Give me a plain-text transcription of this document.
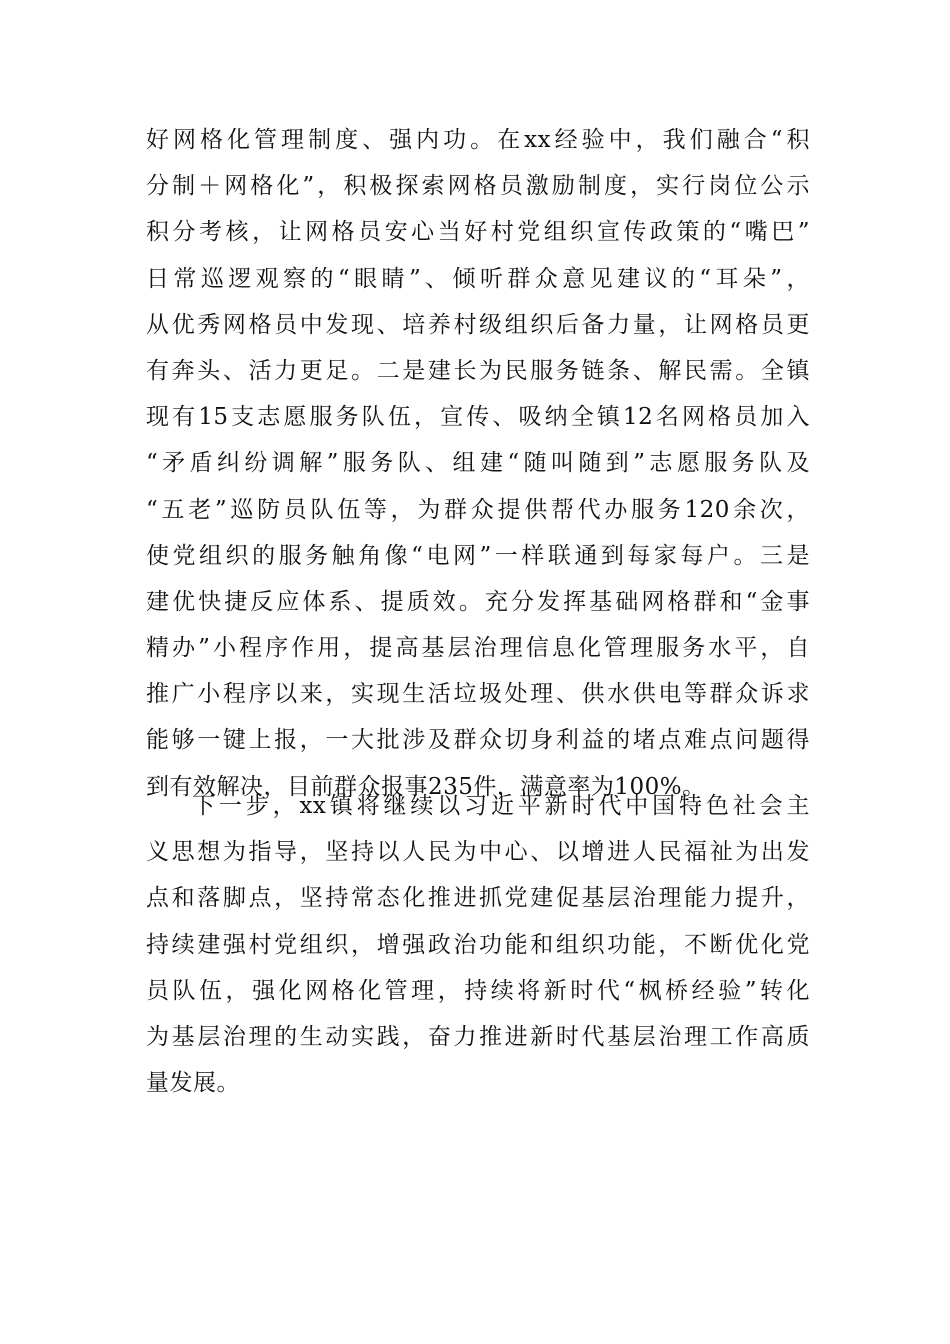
好网格化管理制度、强内功。在xx经验中，我们融合“积
分制＋网格化”，积极探索网格员激励制度，实行岗位公示
积分考核，让网格员安心当好村党组织宣传政策的“嘴巴”
日常巡逻观察的“眼睛”、倾听群众意见建议的“耳朵”，
从优秀网格员中发现、培养村级组织后备力量，让网格员更
有奔头、活力更足。二是建长为民服务链条、解民需。全镇
现有15支志愿服务队伍，宣传、吸纳全镇12名网格员加入
“矛盾纠纷调解”服务队、组建“随叫随到”志愿服务队及
“五老”巡防员队伍等，为群众提供帮代办服务120余次，
使党组织的服务触角像“电网”一样联通到每家每户。三是
建优快捷反应体系、提质效。充分发挥基础网格群和“金事
精办”小程序作用，提高基层治理信息化管理服务水平，自
推广小程序以来，实现生活垃圾处理、供水供电等群众诉求
能够一键上报，一大批涉及群众切身利益的堵点难点问题得
到有效解决，目前群众报事235件，满意率为100%。
下一步，xx镇将继续以习近平新时代中国特色社会主
义思想为指导，坚持以人民为中心、以增进人民福祉为出发
点和落脚点，坚持常态化推进抓党建促基层治理能力提升，
持续建强村党组织，增强政治功能和组织功能，不断优化党
员队伍，强化网格化管理，持续将新时代“枫桥经验”转化
为基层治理的生动实践，奋力推进新时代基层治理工作高质
量发展。
